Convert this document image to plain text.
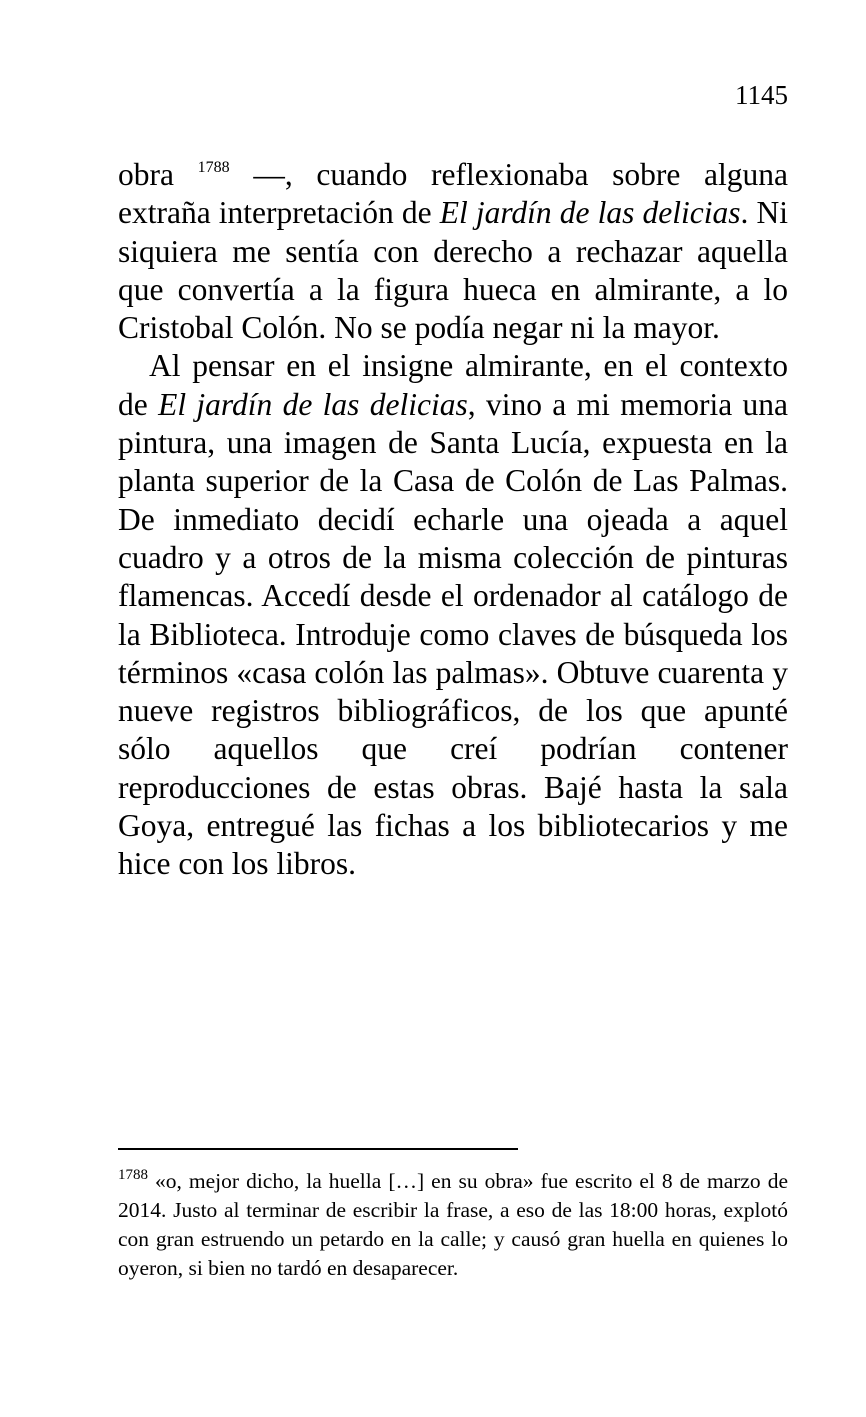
1145

obra $^{1788}$ —, cuando reflexionaba sobre alguna extraña interpretación de El jardín de las delicias. Ni siquiera me sentía con derecho a rechazar aquella que convertía a la figura hueca en almirante, a lo Cristobal Colón. No se podía negar ni la mayor.

Al pensar en el insigne almirante, en el contexto de El jardín de las delicias, vino a mi memoria una pintura, una imagen de Santa Lucía, expuesta en la planta superior de la Casa de Colón de Las Palmas. De inmediato decidí echarle una ojeada a aquel cuadro y a otros de la misma colección de pinturas flamencas. Accedí desde el ordenador al catálogo de la Biblioteca. Introduje como claves de búsqueda los términos «casa colón las palmas». Obtuve cuarenta y nueve registros bibliográficos, de los que apunté sólo aquellos que creí podrían contener reproducciones de estas obras. Bajé hasta la sala Goya, entregué las fichas a los bibliotecarios y me hice con los libros.

$^{1788}$ «o, mejor dicho, la huella […] en su obra» fue escrito el 8 de marzo de 2014. Justo al terminar de escribir la frase, a eso de las 18:00 horas, explotó con gran estruendo un petardo en la calle; y causó gran huella en quienes lo oyeron, si bien no tardó en desaparecer.
